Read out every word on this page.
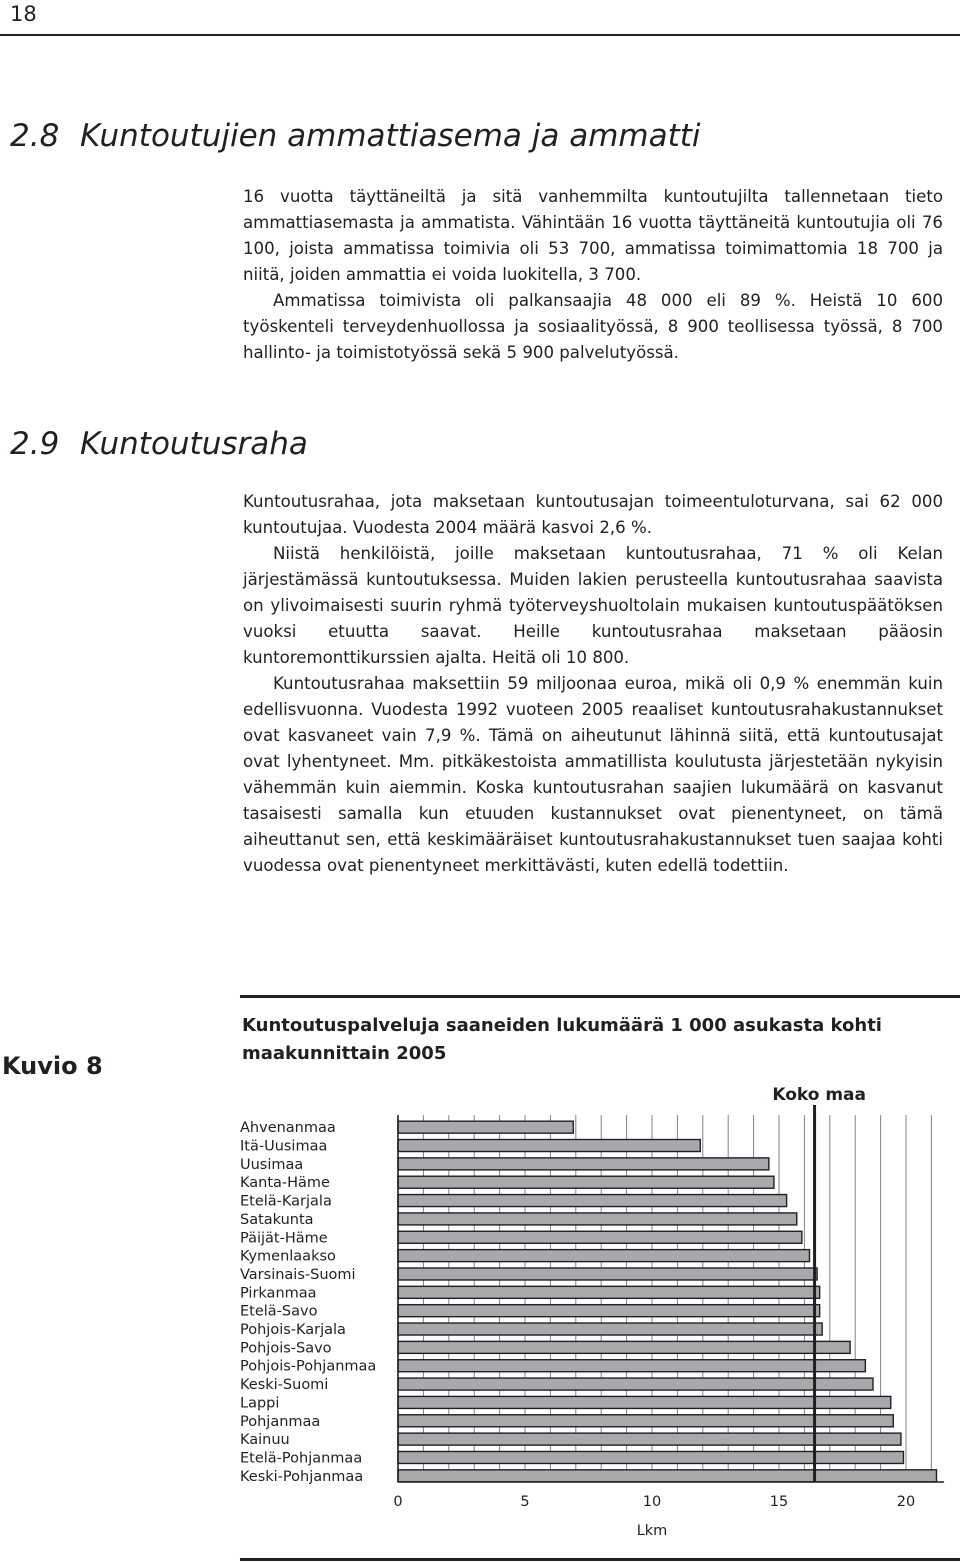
18
2.8 Kuntoutujien ammattiasema ja ammatti

16 vuotta täyttäneiltä ja sitä vanhemmilta kuntoutujilta tallennetaan tieto ammattiasemasta ja ammatista. Vähintään 16 vuotta täyttäneitä kuntoutujia oli 76 100, joista ammatissa toimivia oli 53 700, ammatissa toimimattomia 18 700 ja niitä, joiden ammattia ei voida luokitella, 3 700.

Ammatissa toimivista oli palkansaajia 48 000 eli 89 %. Heistä 10 600 työskenteli terveydenhuollossa ja sosiaalityössä, 8 900 teollisessa työssä, 8 700 hallinto- ja toimistotyössä sekä 5 900 palvelutyössä.

2.9 Kuntoutusraha

Kuntoutusrahaa, jota maksetaan kuntoutusajan toimeentuloturvana, sai 62 000 kuntoutujaa. Vuodesta 2004 määrä kasvoi 2,6 %.

Niistä henkilöistä, joille maksetaan kuntoutusrahaa, 71 % oli Kelan järjestämässä kuntoutuksessa. Muiden lakien perusteella kuntoutusrahaa saavista on ylivoimaisesti suurin ryhmä työterveyshuoltolain mukaisen kuntoutuspäätöksen vuoksi etuutta saavat. Heille kuntoutusrahaa maksetaan pääosin kuntoremonttikurssien ajalta. Heitä oli 10 800.

Kuntoutusrahaa maksettiin 59 miljoonaa euroa, mikä oli 0,9 % enemmän kuin edellisvuonna. Vuodesta 1992 vuoteen 2005 reaaliset kuntoutusrahakustannukset ovat kasvaneet vain 7,9 %. Tämä on aiheutunut lähinnä siitä, että kuntoutusajat ovat lyhentyneet. Mm. pitkäkestoista ammatillista koulutusta järjestetään nykyisin vähemmän kuin aiemmin. Koska kuntoutusrahan saajien lukumäärä on kasvanut tasaisesti samalla kun etuuden kustannukset ovat pienentyneet, on tämä aiheuttanut sen, että keskimääräiset kuntoutusrahakustannukset tuen saajaa kohti vuodessa ovat pienentyneet merkittävästi, kuten edellä todettiin.

Kuvio 8
Kuntoutuspalveluja saaneiden lukumäärä 1 000 asukasta kohti maakunnittain 2005
Ahvenanmaa
Itä-Uusimaa
Uusimaa
Kanta-Häme
Etelä-Karjala
Satakunta
Päijät-Häme
Kymenlaakso
Varsinais-Suomi
Pirkanmaa
Etelä-Savo
Pohjois-Karjala
Pohjois-Savo
Pohjois-Pohjanmaa
Keski-Suomi
Lappi
Pohjanmaa
Kainuu
Etelä-Pohjanmaa
Keski-Pohjanmaa
0	5	10	15	20
Lkm
Koko maa
